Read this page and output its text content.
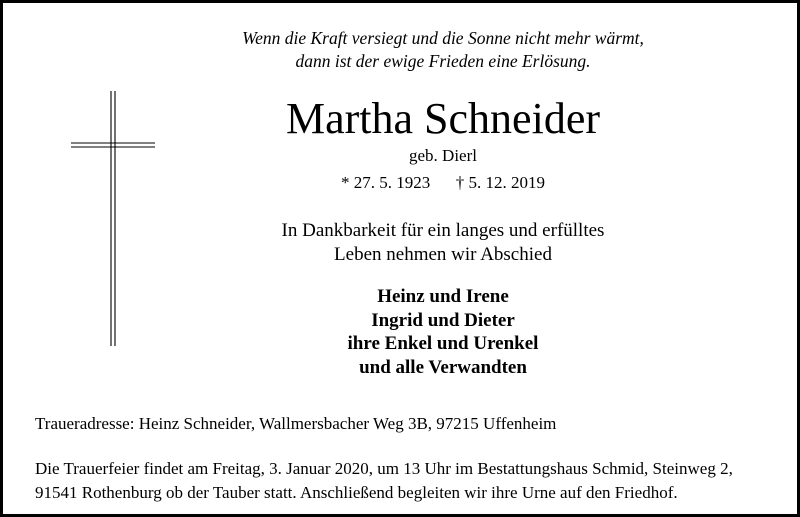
Wenn die Kraft versiegt und die Sonne nicht mehr wärmt,
dann ist der ewige Frieden eine Erlösung.
Martha Schneider
geb. Dierl
* 27. 5. 1923 † 5. 12. 2019
In Dankbarkeit für ein langes und erfülltes
Leben nehmen wir Abschied
Heinz und Irene
Ingrid und Dieter
ihre Enkel und Urenkel
und alle Verwandten
Traueradresse: Heinz Schneider, Wallmersbacher Weg 3B, 97215 Uffenheim
Die Trauerfeier findet am Freitag, 3. Januar 2020, um 13 Uhr im Bestattungshaus Schmid, Steinweg 2,
91541 Rothenburg ob der Tauber statt. Anschließend begleiten wir ihre Urne auf den Friedhof.
